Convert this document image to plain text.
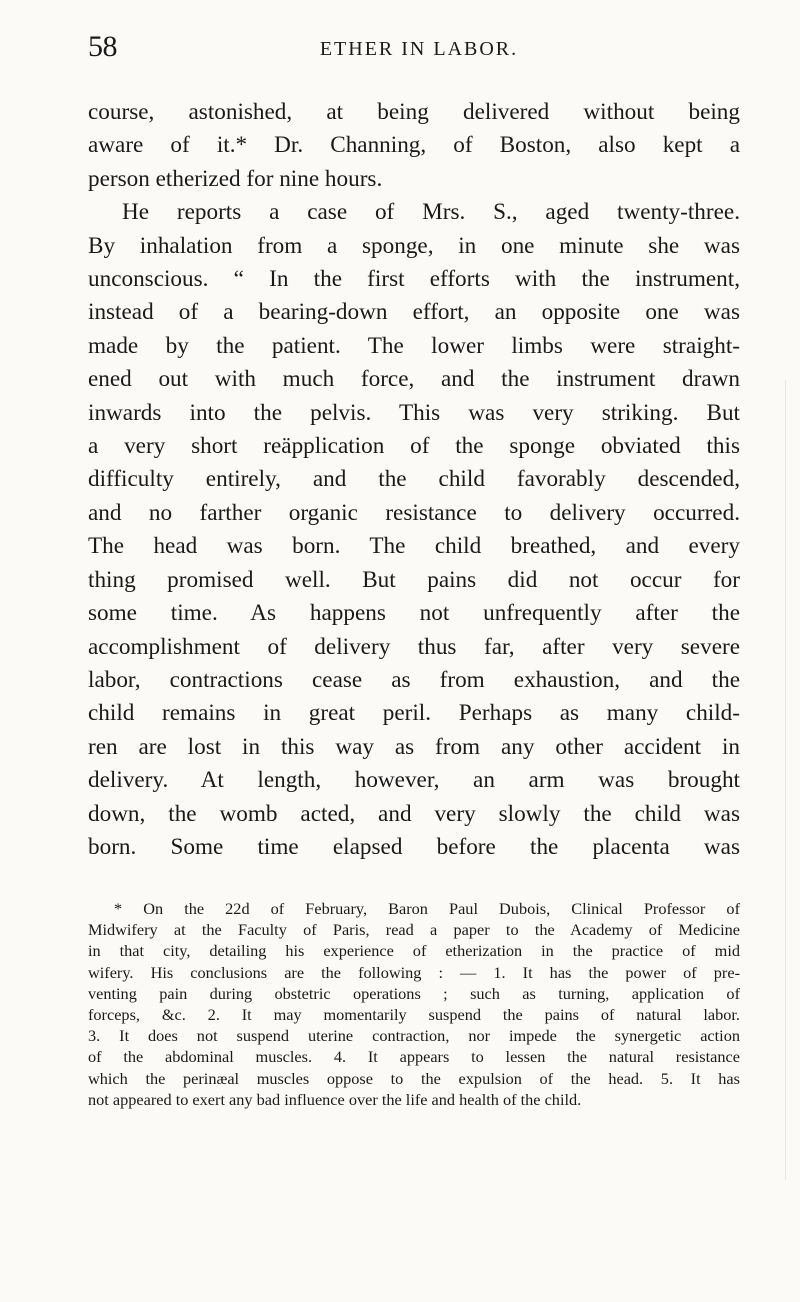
58	ETHER IN LABOR.
course, astonished, at being delivered without being
aware of it.* Dr. Channing, of Boston, also kept a
person etherized for nine hours.
He reports a case of Mrs. S., aged twenty-three.
By inhalation from a sponge, in one minute she was
unconscious. “ In the first efforts with the instrument,
instead of a bearing-down effort, an opposite one was
made by the patient. The lower limbs were straight-
ened out with much force, and the instrument drawn
inwards into the pelvis. This was very striking. But
a very short reäpplication of the sponge obviated this
difficulty entirely, and the child favorably descended,
and no farther organic resistance to delivery occurred.
The head was born. The child breathed, and every
thing promised well. But pains did not occur for
some time. As happens not unfrequently after the
accomplishment of delivery thus far, after very severe
labor, contractions cease as from exhaustion, and the
child remains in great peril. Perhaps as many child-
ren are lost in this way as from any other accident in
delivery. At length, however, an arm was brought
down, the womb acted, and very slowly the child was
born. Some time elapsed before the placenta was
* On the 22d of February, Baron Paul Dubois, Clinical Professor of
Midwifery at the Faculty of Paris, read a paper to the Academy of Medicine
in that city, detailing his experience of etherization in the practice of mid
wifery. His conclusions are the following : — 1. It has the power of pre-
venting pain during obstetric operations ; such as turning, application of
forceps, &c. 2. It may momentarily suspend the pains of natural labor.
3. It does not suspend uterine contraction, nor impede the synergetic action
of the abdominal muscles. 4. It appears to lessen the natural resistance
which the perinæal muscles oppose to the expulsion of the head. 5. It has
not appeared to exert any bad influence over the life and health of the child.
